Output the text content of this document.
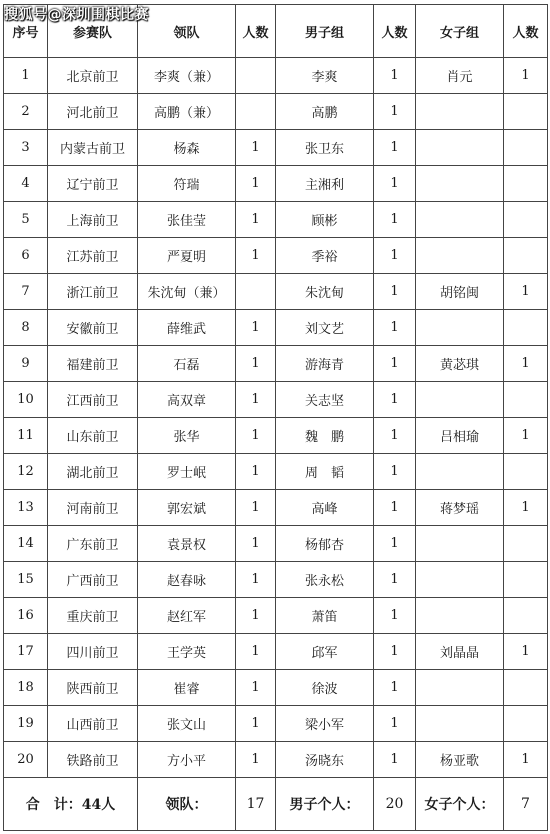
搜狐号@深圳围棋比赛
序号	参赛队	领队	人数	男子组	人数	女子组	人数
1	北京前卫	李爽（兼）		李爽	1	肖元	1
2	河北前卫	高鹏（兼）		高鹏	1		
3	内蒙古前卫	杨森	1	张卫东	1		
4	辽宁前卫	符瑞	1	主湘利	1		
5	上海前卫	张佳莹	1	顾彬	1		
6	江苏前卫	严夏明	1	季裕	1		
7	浙江前卫	朱沈甸（兼）		朱沈甸	1	胡铭闽	1
8	安徽前卫	薛维武	1	刘文艺	1		
9	福建前卫	石磊	1	游海青	1	黄苾琪	1
10	江西前卫	高双章	1	关志坚	1		
11	山东前卫	张华	1	魏　鹏	1	吕相瑜	1
12	湖北前卫	罗士岷	1	周　韬	1		
13	河南前卫	郭宏斌	1	高峰	1	蒋梦瑶	1
14	广东前卫	袁景权	1	杨郁杏	1		
15	广西前卫	赵春咏	1	张永松	1		
16	重庆前卫	赵红军	1	萧笛	1		
17	四川前卫	王学英	1	邱军	1	刘晶晶	1
18	陕西前卫	崔睿	1	徐波	1		
19	山西前卫	张文山	1	梁小军	1		
20	铁路前卫	方小平	1	汤晓东	1	杨亚歌	1
合　计：44人		领队：	17	男子个人：	20	女子个人：	7
